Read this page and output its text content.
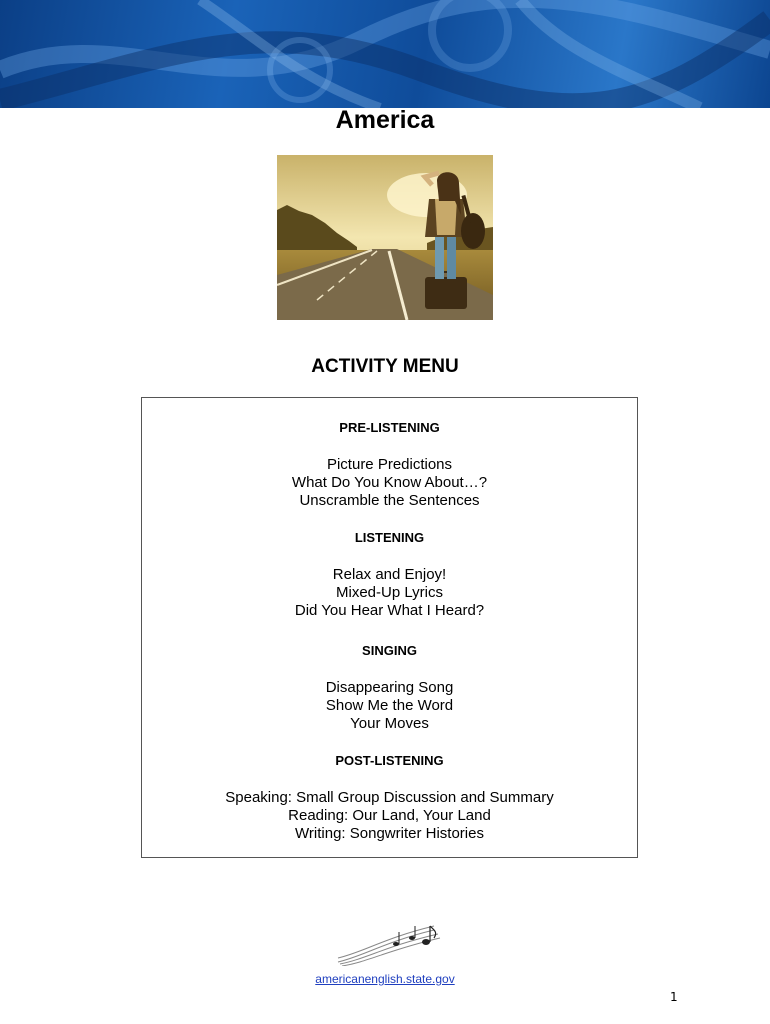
America
ACTIVITY MENU
PRE-LISTENING
Picture Predictions
What Do You Know About…?
Unscramble the Sentences
LISTENING
Relax and Enjoy!
Mixed-Up Lyrics
Did You Hear What I Heard?
SINGING
Disappearing Song
Show Me the Word
Your Moves
POST-LISTENING
Speaking: Small Group Discussion and Summary
Reading: Our Land, Your Land
Writing: Songwriter Histories
americanenglish.state.gov
1
